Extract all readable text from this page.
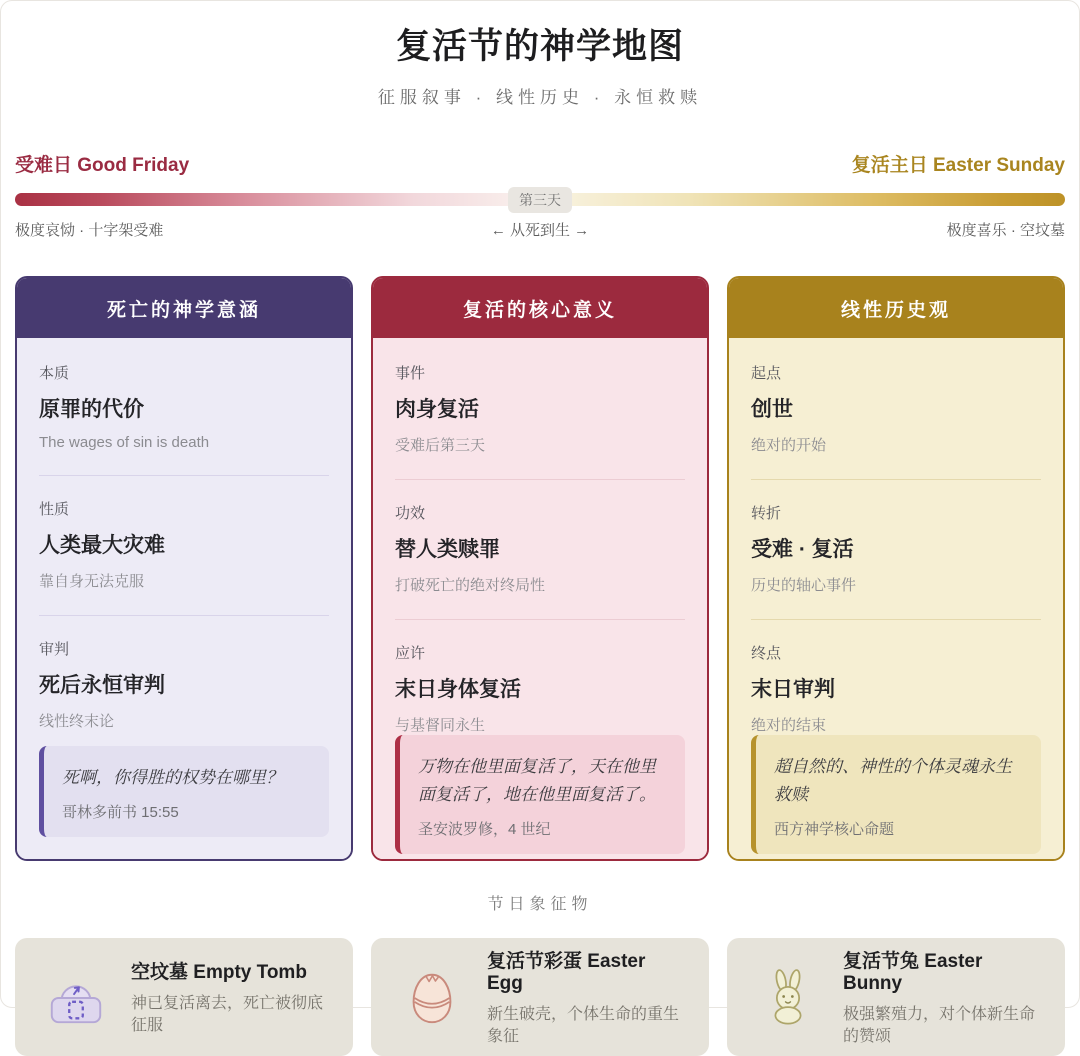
复活节的神学地图
征服叙事 · 线性历史 · 永恒救赎
受难日 Good Friday	复活主日 Easter Sunday
第三天
极度哀恸 · 十字架受难	← 从死到生 →	极度喜乐 · 空坟墓
死亡的神学意涵
本质
原罪的代价
The wages of sin is death
性质
人类最大灾难
靠自身无法克服
审判
死后永恒审判
线性终末论
死啊，你得胜的权势在哪里？
哥林多前书 15:55
复活的核心意义
事件
肉身复活
受难后第三天
功效
替人类赎罪
打破死亡的绝对终局性
应许
末日身体复活
与基督同永生
万物在他里面复活了，天在他里面复活了，地在他里面复活了。
圣安波罗修，4 世纪
线性历史观
起点
创世
绝对的开始
转折
受难 · 复活
历史的轴心事件
终点
末日审判
绝对的结束
超自然的、神性的个体灵魂永生救赎
西方神学核心命题
节日象征物
空坟墓 Empty Tomb
神已复活离去，死亡被彻底征服
复活节彩蛋 Easter Egg
新生破壳，个体生命的重生象征
复活节兔 Easter Bunny
极强繁殖力，对个体新生命的赞颂
